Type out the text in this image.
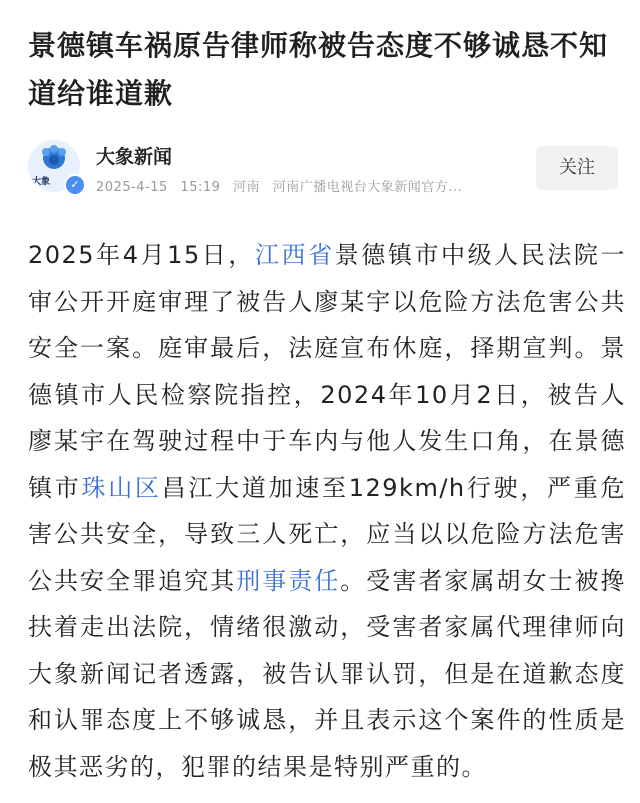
景德镇车祸原告律师称被告态度不够诚恳不知道给谁道歉
大象	✓
大象新闻
2025-4-15 15:19 河南 河南广播电视台大象新闻官方...
关注
2025年4月15日，江西省景德镇市中级人民法院一审公开开庭审理了被告人廖某宇以危险方法危害公共安全一案。庭审最后，法庭宣布休庭，择期宣判。景德镇市人民检察院指控，2024年10月2日，被告人廖某宇在驾驶过程中于车内与他人发生口角，在景德镇市珠山区昌江大道加速至129km/h行驶，严重危害公共安全，导致三人死亡，应当以以危险方法危害公共安全罪追究其刑事责任。受害者家属胡女士被搀扶着走出法院，情绪很激动，受害者家属代理律师向大象新闻记者透露，被告认罪认罚，但是在道歉态度和认罪态度上不够诚恳，并且表示这个案件的性质是极其恶劣的，犯罪的结果是特别严重的。
